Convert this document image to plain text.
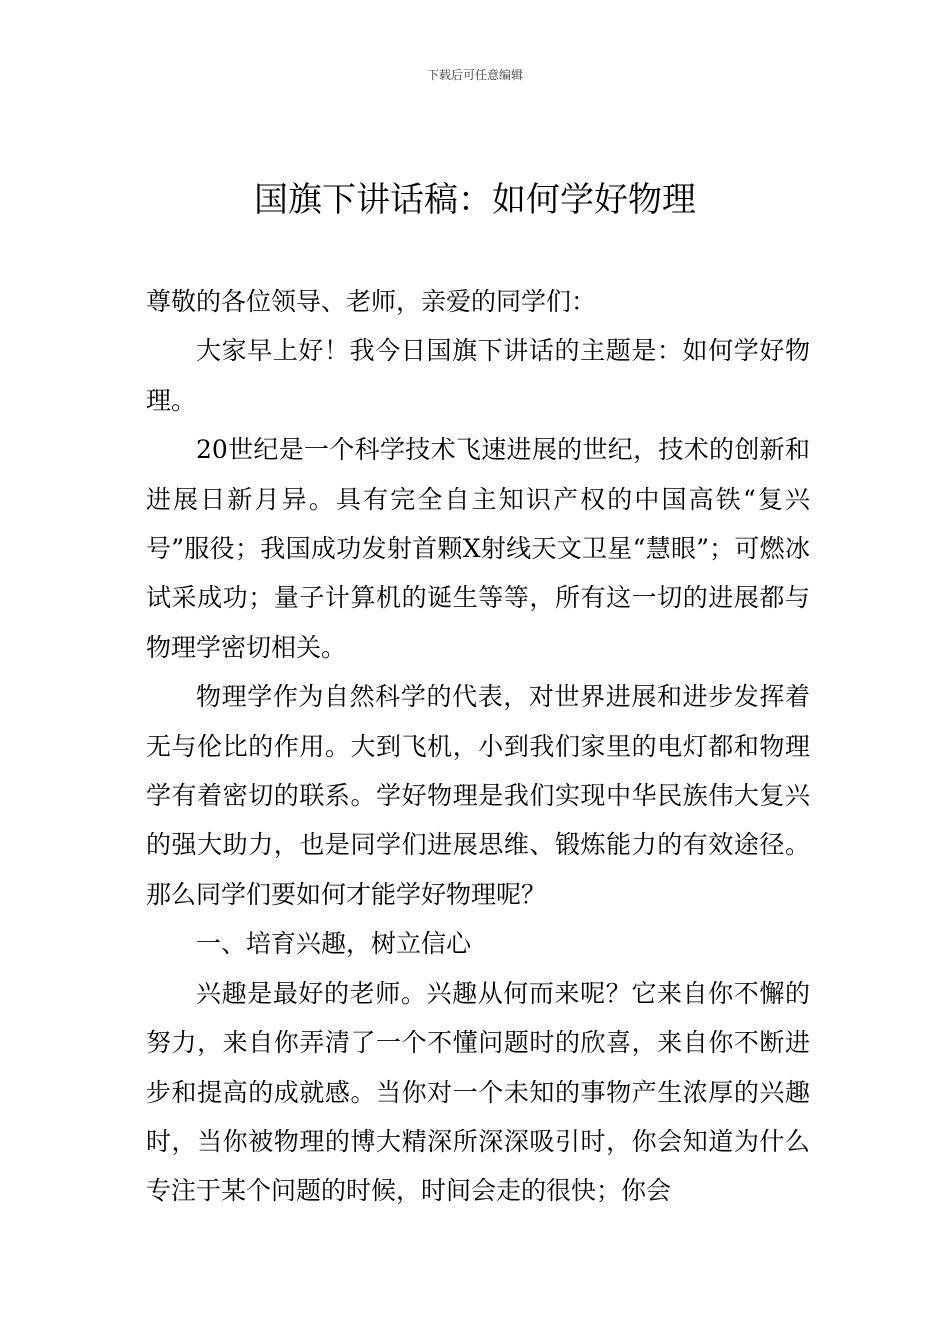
下载后可任意编辑
国旗下讲话稿：如何学好物理

尊敬的各位领导、老师，亲爱的同学们：

大家早上好！我今日国旗下讲话的主题是：如何学好物理。

20世纪是一个科学技术飞速进展的世纪，技术的创新和进展日新月异。具有完全自主知识产权的中国高铁“复兴号”服役；我国成功发射首颗X射线天文卫星“慧眼”；可燃冰试采成功；量子计算机的诞生等等，所有这一切的进展都与物理学密切相关。

物理学作为自然科学的代表，对世界进展和进步发挥着无与伦比的作用。大到飞机，小到我们家里的电灯都和物理学有着密切的联系。学好物理是我们实现中华民族伟大复兴的强大助力，也是同学们进展思维、锻炼能力的有效途径。那么同学们要如何才能学好物理呢？

一、培育兴趣，树立信心

兴趣是最好的老师。兴趣从何而来呢？它来自你不懈的努力，来自你弄清了一个不懂问题时的欣喜，来自你不断进步和提高的成就感。当你对一个未知的事物产生浓厚的兴趣时，当你被物理的博大精深所深深吸引时，你会知道为什么专注于某个问题的时候，时间会走的很快；你会
